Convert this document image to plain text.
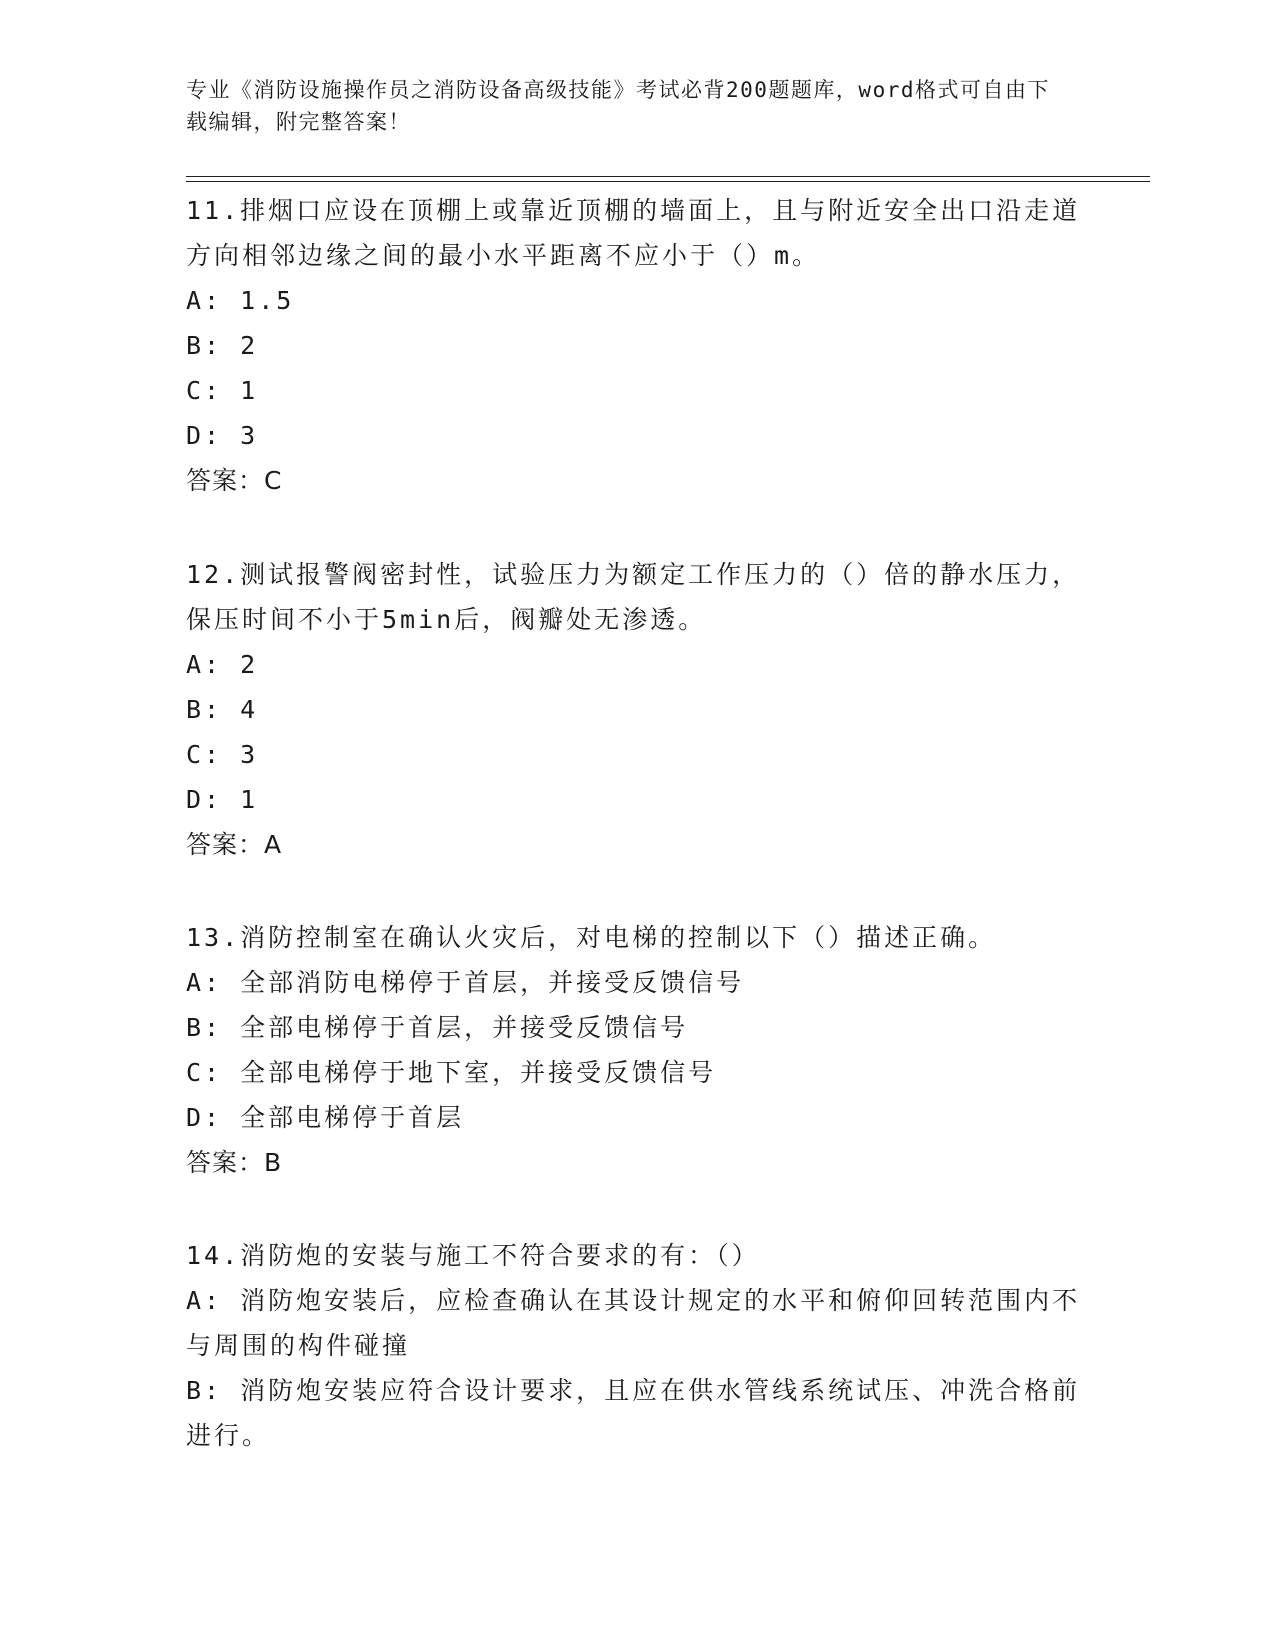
专业《消防设施操作员之消防设备高级技能》考试必背200题题库，word格式可自由下载编辑，附完整答案！
11.排烟口应设在顶棚上或靠近顶棚的墙面上，且与附近安全出口沿走道方向相邻边缘之间的最小水平距离不应小于（）m。
A: 1.5
B: 2
C: 1
D: 3
答案：C
12.测试报警阀密封性，试验压力为额定工作压力的（）倍的静水压力，保压时间不小于5min后，阀瓣处无渗透。
A: 2
B: 4
C: 3
D: 1
答案：A
13.消防控制室在确认火灾后，对电梯的控制以下（）描述正确。
A: 全部消防电梯停于首层，并接受反馈信号
B: 全部电梯停于首层，并接受反馈信号
C: 全部电梯停于地下室，并接受反馈信号
D: 全部电梯停于首层
答案：B
14.消防炮的安装与施工不符合要求的有：（）
A: 消防炮安装后，应检查确认在其设计规定的水平和俯仰回转范围内不与周围的构件碰撞
B: 消防炮安装应符合设计要求，且应在供水管线系统试压、冲洗合格前进行。
